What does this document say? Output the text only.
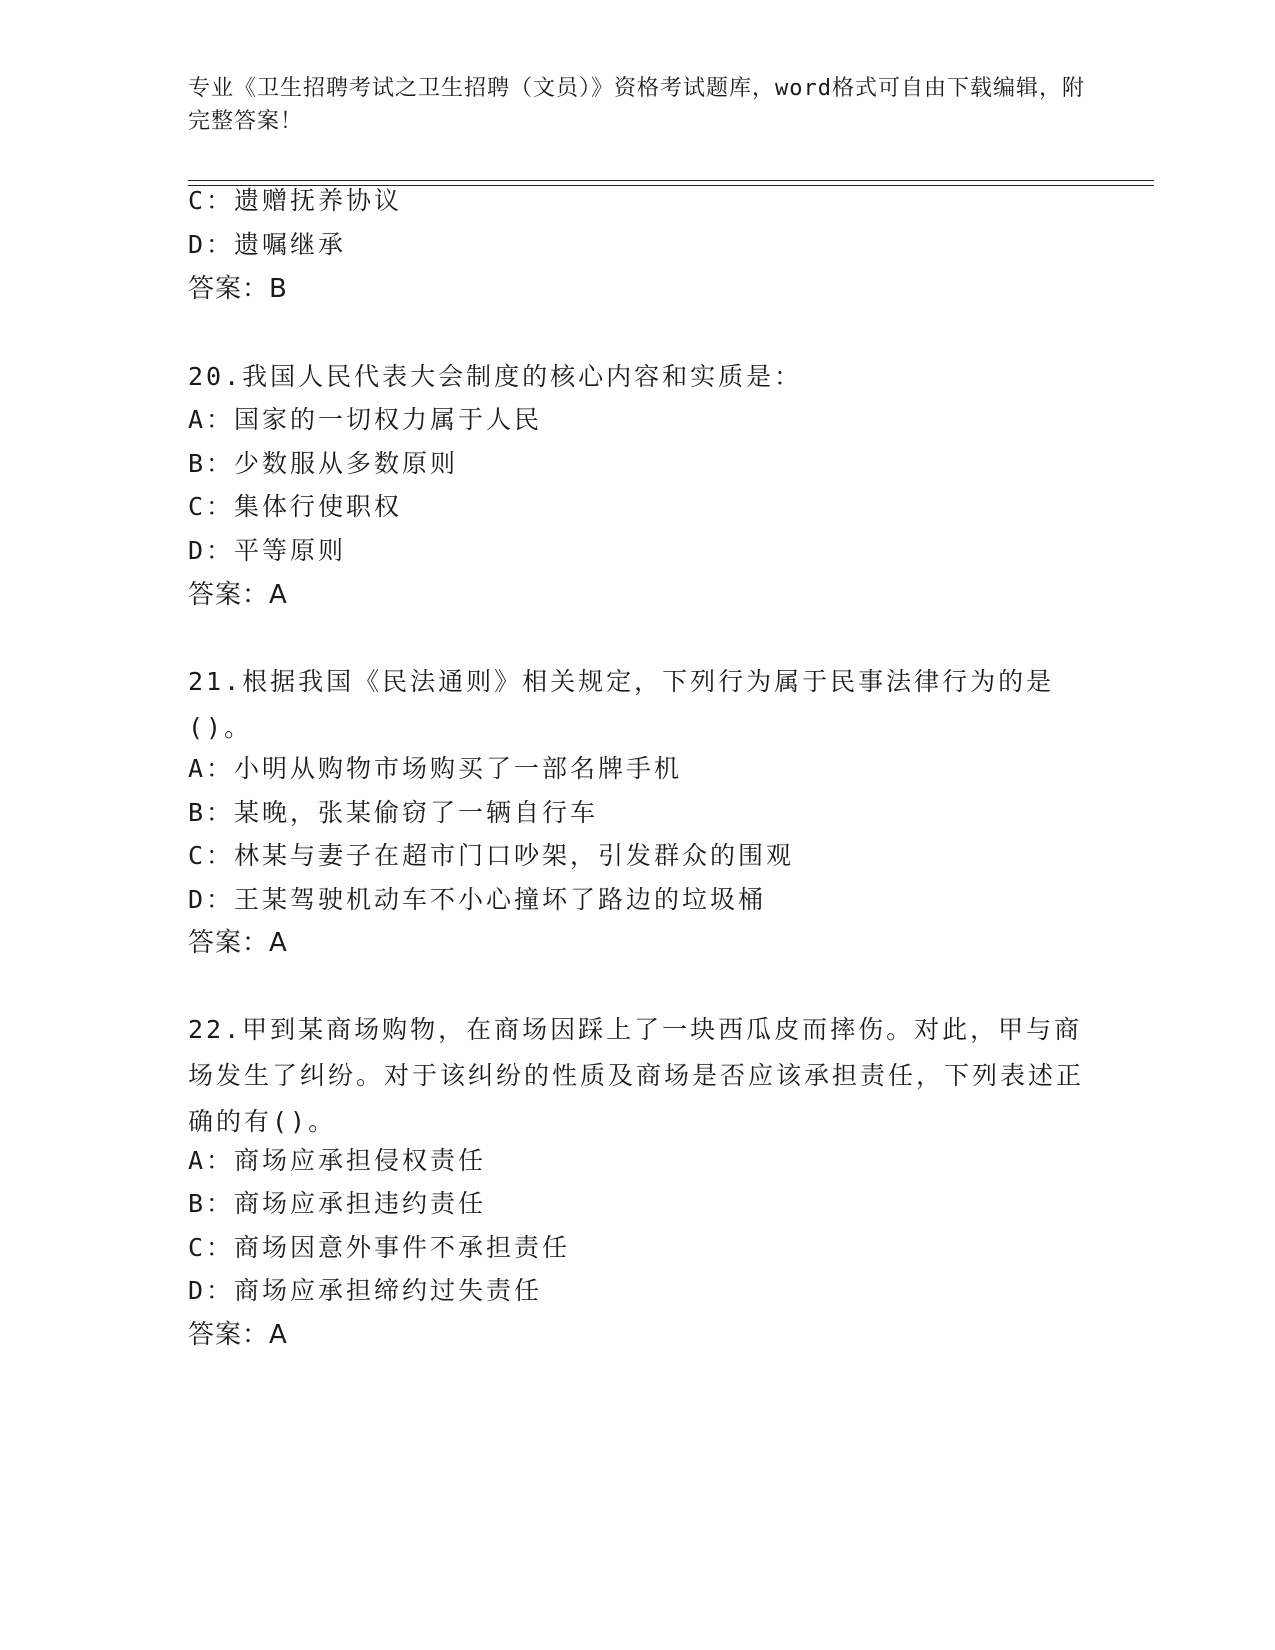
专业《卫生招聘考试之卫生招聘（文员）》资格考试题库，word格式可自由下载编辑，附完整答案！
C：遗赠抚养协议
D：遗嘱继承
答案：B
20.我国人民代表大会制度的核心内容和实质是：
A：国家的一切权力属于人民
B：少数服从多数原则
C：集体行使职权
D：平等原则
答案：A
21.根据我国《民法通则》相关规定，下列行为属于民事法律行为的是()。
A：小明从购物市场购买了一部名牌手机
B：某晚，张某偷窃了一辆自行车
C：林某与妻子在超市门口吵架，引发群众的围观
D：王某驾驶机动车不小心撞坏了路边的垃圾桶
答案：A
22.甲到某商场购物，在商场因踩上了一块西瓜皮而摔伤。对此，甲与商场发生了纠纷。对于该纠纷的性质及商场是否应该承担责任，下列表述正确的有()。
A：商场应承担侵权责任
B：商场应承担违约责任
C：商场因意外事件不承担责任
D：商场应承担缔约过失责任
答案：A
